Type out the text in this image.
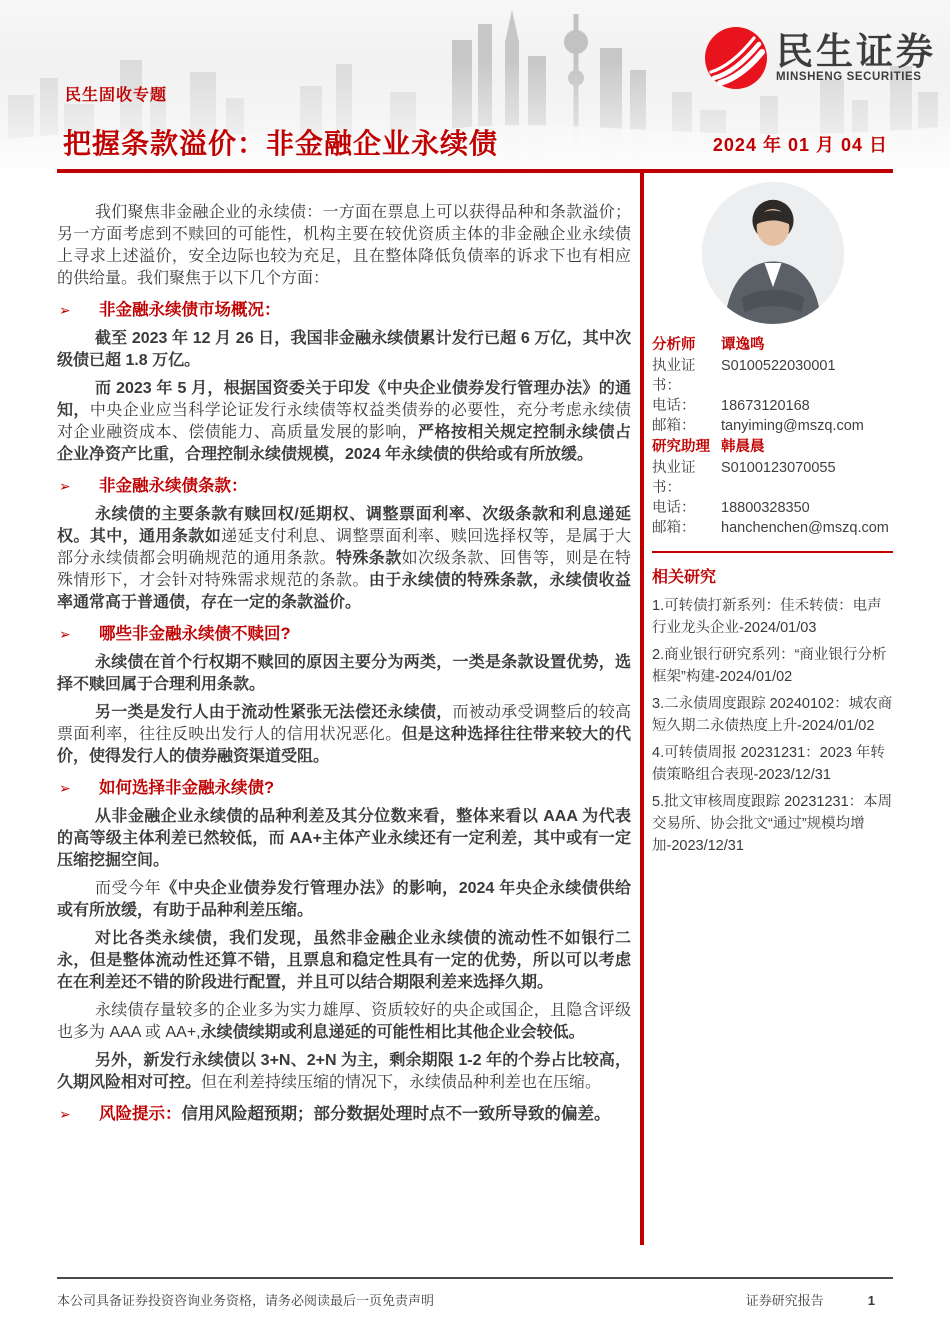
民生证券
MINSHENG SECURITIES
民生固收专题
把握条款溢价：非金融企业永续债	2024 年 01 月 04 日

我们聚焦非金融企业的永续债：一方面在票息上可以获得品种和条款溢价；另一方面考虑到不赎回的可能性，机构主要在较优资质主体的非金融企业永续债上寻求上述溢价，安全边际也较为充足，且在整体降低负债率的诉求下也有相应的供给量。我们聚焦于以下几个方面：

➢ 非金融永续债市场概况：

截至 2023 年 12 月 26 日，我国非金融永续债累计发行已超 6 万亿，其中次级债已超 1.8 万亿。

而 2023 年 5 月，根据国资委关于印发《中央企业债券发行管理办法》的通知，中央企业应当科学论证发行永续债等权益类债券的必要性，充分考虑永续债对企业融资成本、偿债能力、高质量发展的影响，严格按相关规定控制永续债占企业净资产比重，合理控制永续债规模，2024 年永续债的供给或有所放缓。

➢ 非金融永续债条款：

永续债的主要条款有赎回权/延期权、调整票面利率、次级条款和利息递延权。其中，通用条款如递延支付利息、调整票面利率、赎回选择权等，是属于大部分永续债都会明确规范的通用条款。特殊条款如次级条款、回售等，则是在特殊情形下，才会针对特殊需求规范的条款。由于永续债的特殊条款，永续债收益率通常高于普通债，存在一定的条款溢价。

➢ 哪些非金融永续债不赎回?

永续债在首个行权期不赎回的原因主要分为两类，一类是条款设置优势，选择不赎回属于合理利用条款。

另一类是发行人由于流动性紧张无法偿还永续债，而被动承受调整后的较高票面利率，往往反映出发行人的信用状况恶化。但是这种选择往往带来较大的代价，使得发行人的债券融资渠道受阻。

➢ 如何选择非金融永续债?

从非金融企业永续债的品种利差及其分位数来看，整体来看以 AAA 为代表的高等级主体利差已然较低，而 AA+主体产业永续还有一定利差，其中或有一定压缩挖掘空间。

而受今年《中央企业债券发行管理办法》的影响，2024 年央企永续债供给或有所放缓，有助于品种利差压缩。

对比各类永续债，我们发现，虽然非金融企业永续债的流动性不如银行二永，但是整体流动性还算不错，且票息和稳定性具有一定的优势，所以可以考虑在在利差还不错的阶段进行配置，并且可以结合期限利差来选择久期。

永续债存量较多的企业多为实力雄厚、资质较好的央企或国企，且隐含评级也多为 AAA 或 AA+,永续债续期或利息递延的可能性相比其他企业会较低。

另外，新发行永续债以 3+N、2+N 为主，剩余期限 1-2 年的个券占比较高，久期风险相对可控。但在利差持续压缩的情况下，永续债品种利差也在压缩。

➢ 风险提示：信用风险超预期；部分数据处理时点不一致所导致的偏差。

分析师	谭逸鸣
执业证书：
S0100522030001
电话：	18673120168
邮箱：	tanyiming@mszq.com
研究助理 韩晨晨
执业证书：
S0100123070055
电话：	18800328350
邮箱：	hanchenchen@mszq.com
相关研究
1.可转债打新系列：佳禾转债：电声行业龙头企业-2024/01/03
2.商业银行研究系列：“商业银行分析框架”构建-2024/01/02
3.二永债周度跟踪 20240102：城农商短久期二永债热度上升-2024/01/02
4.可转债周报 20231231：2023 年转债策略组合表现-2023/12/31
5.批文审核周度跟踪 20231231：本周交易所、协会批文“通过”规模均增加-2023/12/31
本公司具备证券投资咨询业务资格，请务必阅读最后一页免责声明	证券研究报告	1
